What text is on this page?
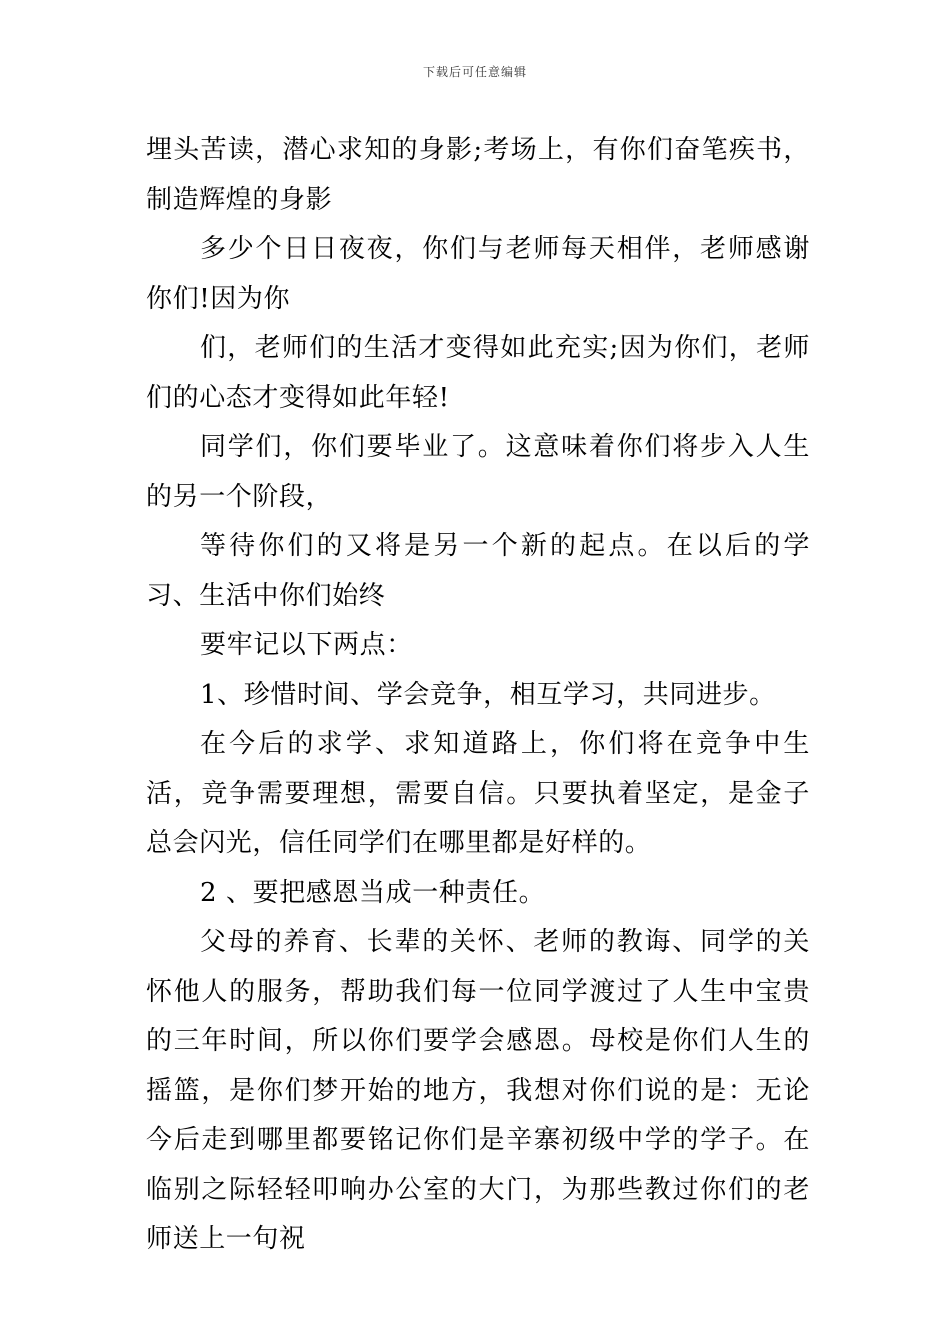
下载后可任意编辑

埋头苦读，潜心求知的身影;考场上，有你们奋笔疾书，制造辉煌的身影

多少个日日夜夜，你们与老师每天相伴，老师感谢你们!因为你

们，老师们的生活才变得如此充实;因为你们，老师们的心态才变得如此年轻!

同学们，你们要毕业了。这意味着你们将步入人生的另一个阶段，

等待你们的又将是另一个新的起点。在以后的学习、生活中你们始终

要牢记以下两点：

1、珍惜时间、学会竞争，相互学习，共同进步。

在今后的求学、求知道路上，你们将在竞争中生活，竞争需要理想，需要自信。只要执着坚定，是金子总会闪光，信任同学们在哪里都是好样的。

2 、要把感恩当成一种责任。

父母的养育、长辈的关怀、老师的教诲、同学的关怀他人的服务，帮助我们每一位同学渡过了人生中宝贵的三年时间，所以你们要学会感恩。母校是你们人生的摇篮，是你们梦开始的地方，我想对你们说的是：无论今后走到哪里都要铭记你们是辛寨初级中学的学子。在临别之际轻轻叩响办公室的大门，为那些教过你们的老师送上一句祝
